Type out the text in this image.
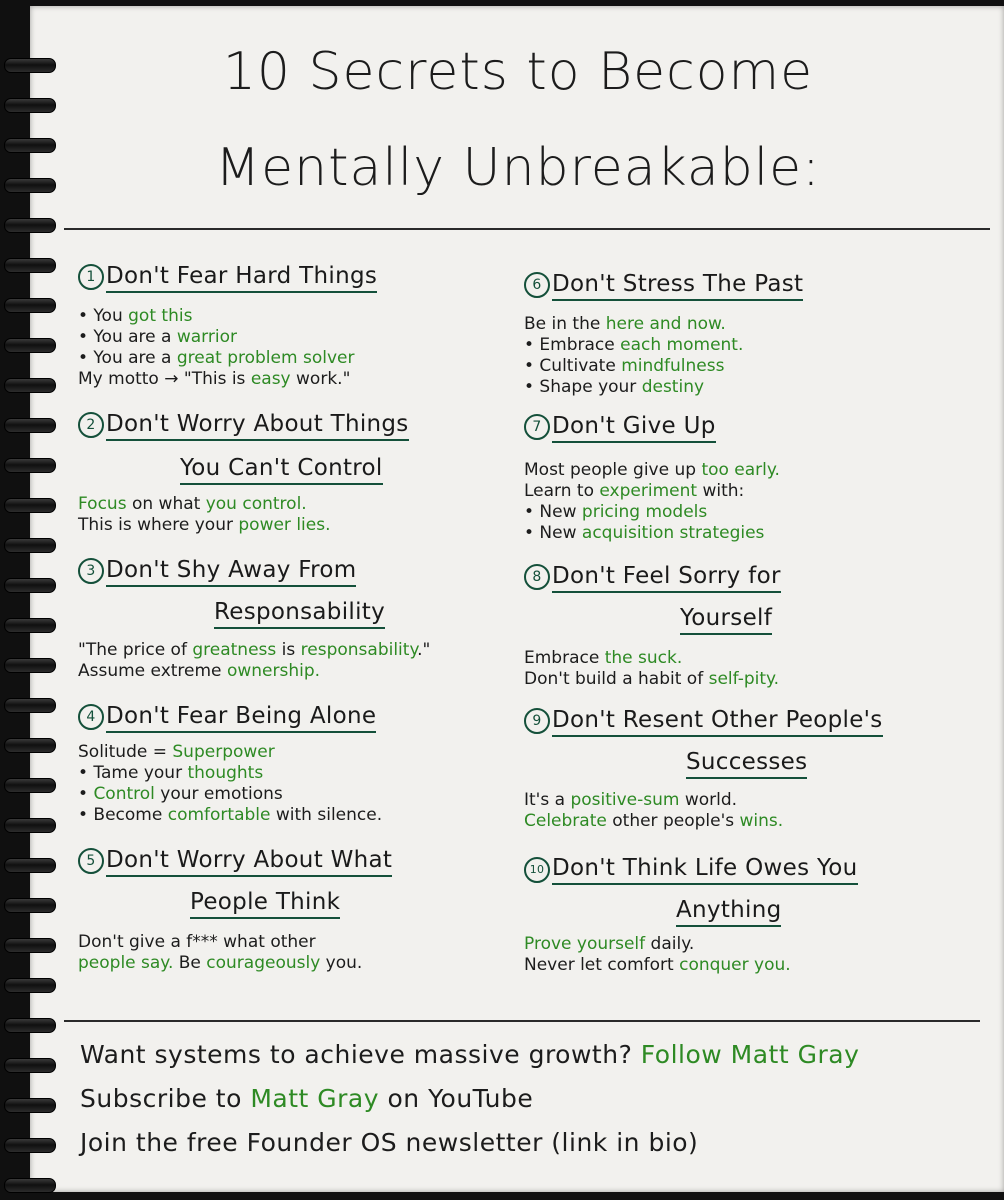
10 Secrets to Become
Mentally Unbreakable:
1 Don't Fear Hard Things
• You got this
• You are a warrior
• You are a great problem solver
My motto → "This is easy work."
2 Don't Worry About Things
You Can't Control
Focus on what you control.
This is where your power lies.
3 Don't Shy Away From
Responsability
"The price of greatness is responsability."
Assume extreme ownership.
4 Don't Fear Being Alone
Solitude = Superpower
• Tame your thoughts
• Control your emotions
• Become comfortable with silence.
5 Don't Worry About What
People Think
Don't give a f*** what other
people say. Be courageously you.
6 Don't Stress The Past
Be in the here and now.
• Embrace each moment.
• Cultivate mindfulness
• Shape your destiny
7 Don't Give Up
Most people give up too early.
Learn to experiment with:
• New pricing models
• New acquisition strategies
8 Don't Feel Sorry for
Yourself
Embrace the suck.
Don't build a habit of self-pity.
9 Don't Resent Other People's
Successes
It's a positive-sum world.
Celebrate other people's wins.
10 Don't Think Life Owes You
Anything
Prove yourself daily.
Never let comfort conquer you.
Want systems to achieve massive growth? Follow Matt Gray
Subscribe to Matt Gray on YouTube
Join the free Founder OS newsletter (link in bio)
